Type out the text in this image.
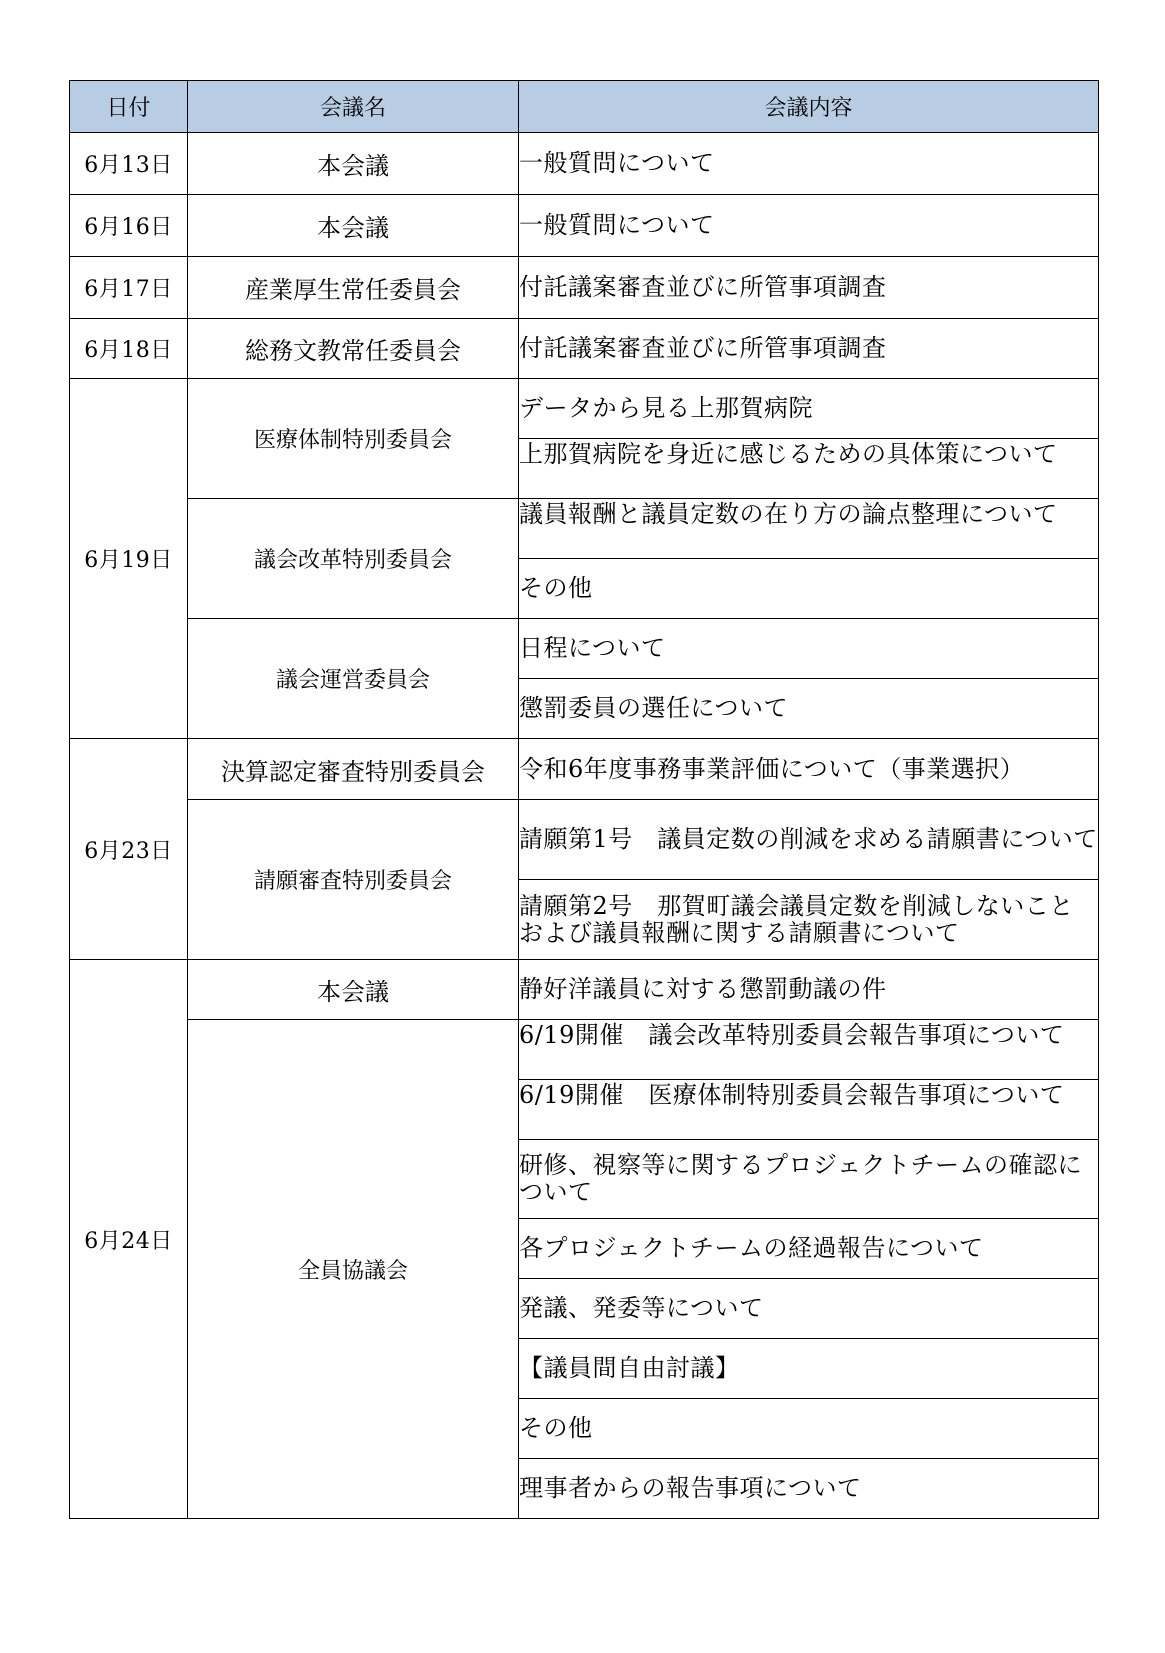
日付	会議名	会議内容
6月13日	本会議	一般質問について
6月16日	本会議	一般質問について
6月17日	産業厚生常任委員会	付託議案審査並びに所管事項調査
6月18日	総務文教常任委員会	付託議案審査並びに所管事項調査
6月19日	医療体制特別委員会	データから見る上那賀病院
		上那賀病院を身近に感じるための具体策について
	議会改革特別委員会	議員報酬と議員定数の在り方の論点整理について
		その他
	議会運営委員会	日程について
		懲罰委員の選任について
6月23日	決算認定審査特別委員会	令和6年度事務事業評価について（事業選択）
	請願審査特別委員会	請願第1号　議員定数の削減を求める請願書について
		請願第2号　那賀町議会議員定数を削減しないことおよび議員報酬に関する請願書について
6月24日	本会議	静好洋議員に対する懲罰動議の件
	全員協議会	6/19開催　議会改革特別委員会報告事項について
		6/19開催　医療体制特別委員会報告事項について
		研修、視察等に関するプロジェクトチームの確認について
		各プロジェクトチームの経過報告について
		発議、発委等について
		【議員間自由討議】
		その他
		理事者からの報告事項について
